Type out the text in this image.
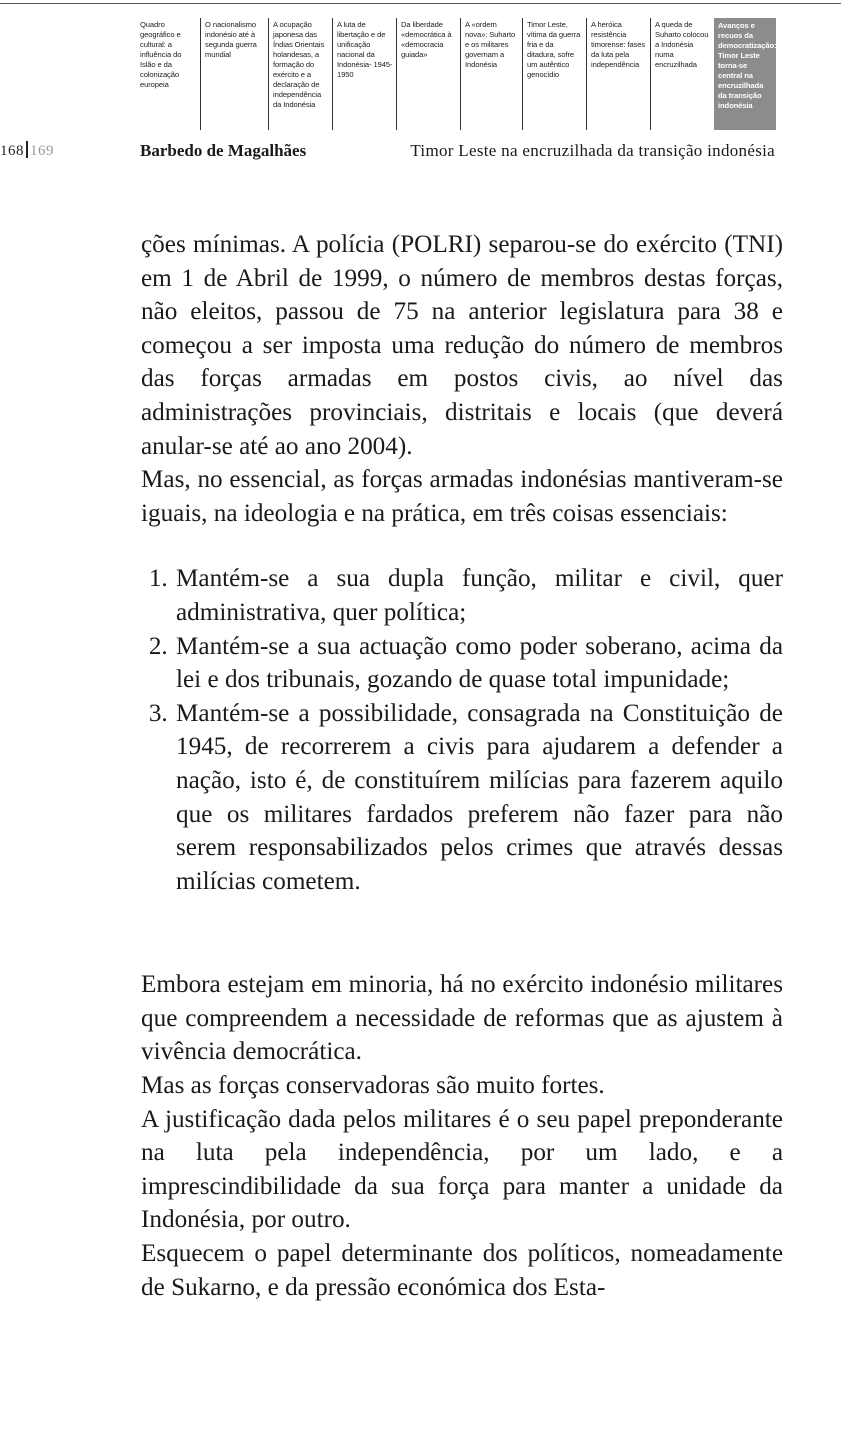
Quadro geográfico e cultural: a influência do Islão e da colonização europeia
O nacionalismo indonésio até à segunda guerra mundial
A ocupação japonesa das Índias Orientais holandesas, a formação do exército e a declaração de independência da Indonésia
A luta de libertação e de unificação nacional da Indonésia- 1945-1950
Da liberdade «democrática à «democracia guiada»
A «ordem nova»: Suharto e os militares governam a Indonésia
Timor Leste, vítima da guerra fria e da ditadura, sofre um autêntico genocídio
A heróica resistência timorense: fases da luta pela independência
A queda de Suharto colocou a Indonésia numa encruzilhada
Avanços e recuos da democratização: Timor Leste torna-se central na encruzilhada da transição indonésia
168 169	Barbedo de Magalhães	Timor Leste na encruzilhada da transição indonésia

ções mínimas. A polícia (POLRI) separou-se do exército (TNI) em 1 de Abril de 1999, o número de membros destas forças, não eleitos, passou de 75 na anterior legislatura para 38 e começou a ser imposta uma redução do número de membros das forças armadas em postos civis, ao nível das administrações provinciais, distritais e locais (que deverá anular-se até ao ano 2004).

Mas, no essencial, as forças armadas indonésias mantiveram-se iguais, na ideologia e na prática, em três coisas essenciais:

1. Mantém-se a sua dupla função, militar e civil, quer administrativa, quer política;
2. Mantém-se a sua actuação como poder soberano, acima da lei e dos tribunais, gozando de quase total impunidade;
3. Mantém-se a possibilidade, consagrada na Constituição de 1945, de recorrerem a civis para ajudarem a defender a nação, isto é, de constituírem milícias para fazerem aquilo que os militares fardados preferem não fazer para não serem responsabilizados pelos crimes que através dessas milícias cometem.

Embora estejam em minoria, há no exército indonésio militares que compreendem a necessidade de reformas que as ajustem à vivência democrática.

Mas as forças conservadoras são muito fortes.

A justificação dada pelos militares é o seu papel preponderante na luta pela independência, por um lado, e a imprescindibilidade da sua força para manter a unidade da Indonésia, por outro.

Esquecem o papel determinante dos políticos, nomeadamente de Sukarno, e da pressão económica dos Esta-
